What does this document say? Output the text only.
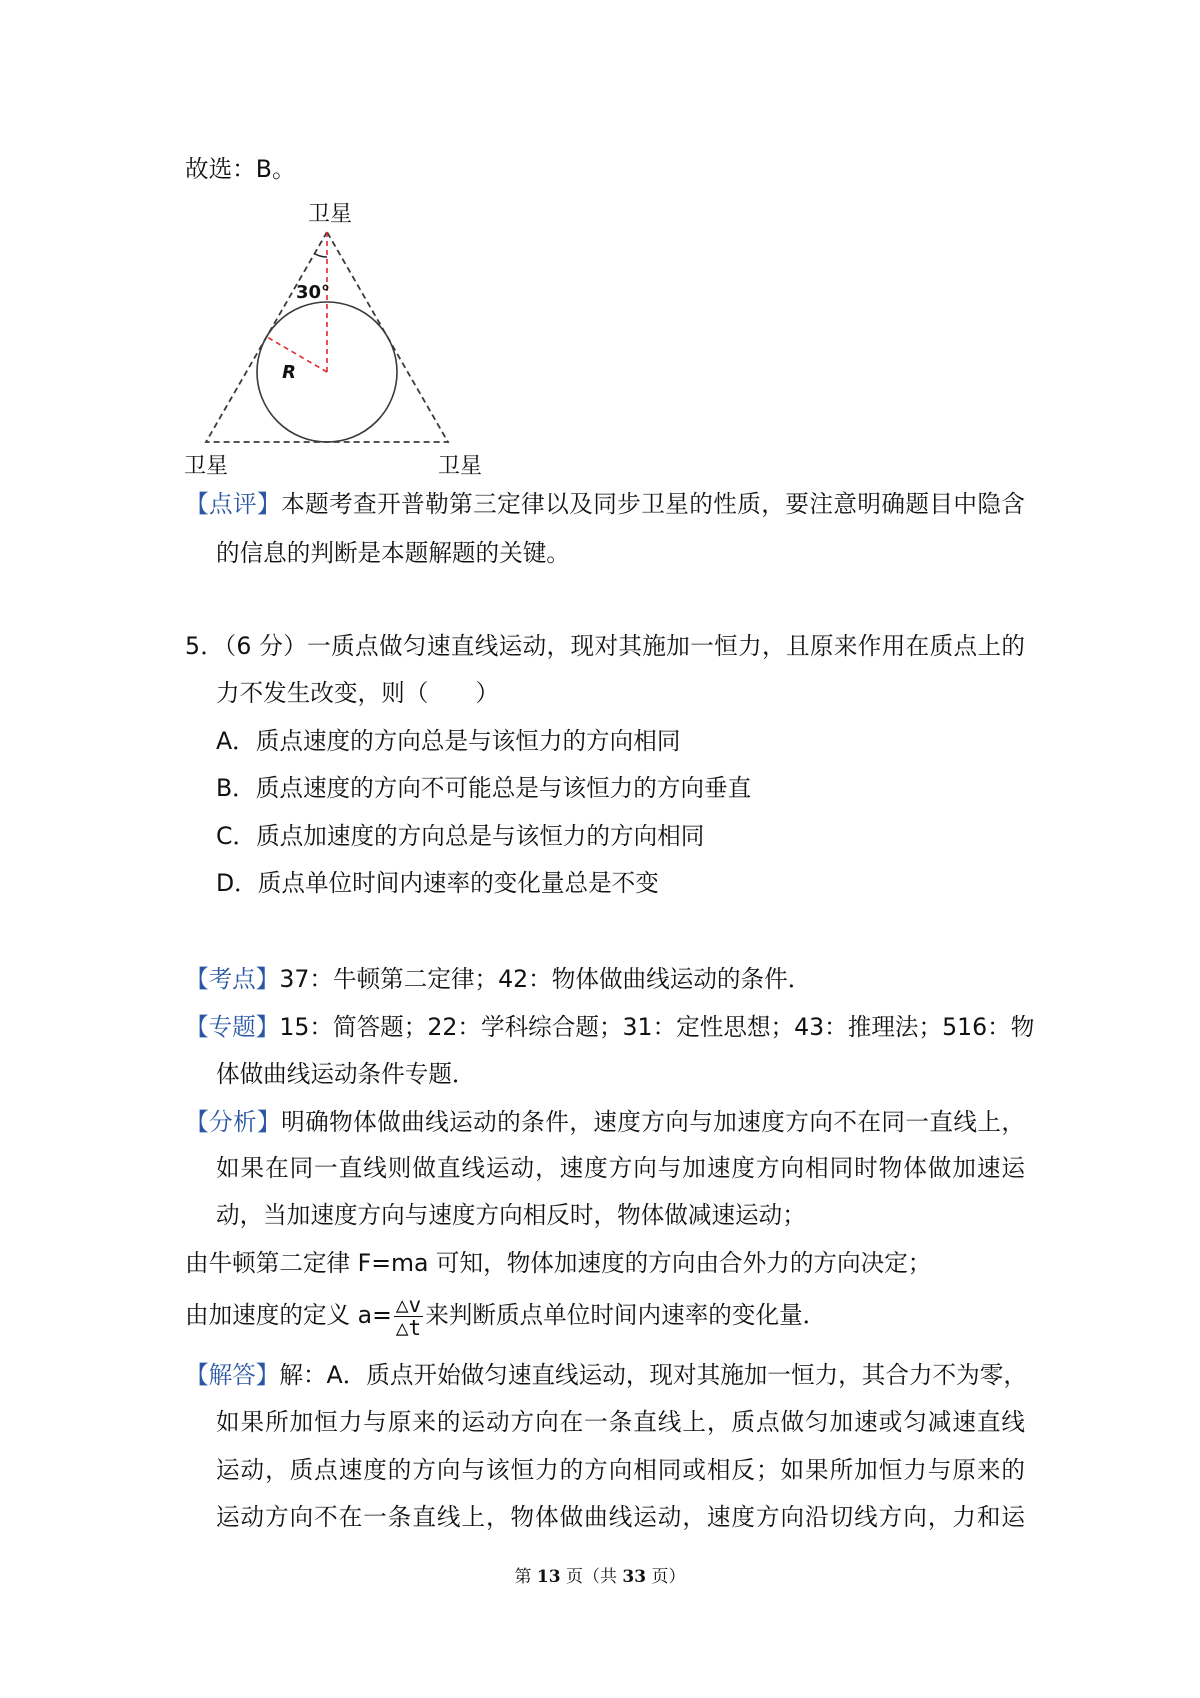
故选：B。
卫星
卫星	卫星
30°
R
【点评】本题考查开普勒第三定律以及同步卫星的性质，要注意明确题目中隐含
的信息的判断是本题解题的关键。
5．（6 分）一质点做匀速直线运动，现对其施加一恒力，且原来作用在质点上的
力不发生改变，则（　　）
A．质点速度的方向总是与该恒力的方向相同
B．质点速度的方向不可能总是与该恒力的方向垂直
C．质点加速度的方向总是与该恒力的方向相同
D．质点单位时间内速率的变化量总是不变
【考点】37：牛顿第二定律；42：物体做曲线运动的条件．
【专题】15：简答题；22：学科综合题；31：定性思想；43：推理法；516：物
体做曲线运动条件专题．
【分析】明确物体做曲线运动的条件，速度方向与加速度方向不在同一直线上，
如果在同一直线则做直线运动，速度方向与加速度方向相同时物体做加速运
动，当加速度方向与速度方向相反时，物体做减速运动；
由牛顿第二定律 F=ma 可知，物体加速度的方向由合外力的方向决定；
由加速度的定义 $a= \frac{\triangle v}{\triangle t}$ 来判断质点单位时间内速率的变化量．
【解答】解：A．质点开始做匀速直线运动，现对其施加一恒力，其合力不为零，
如果所加恒力与原来的运动方向在一条直线上，质点做匀加速或匀减速直线
运动，质点速度的方向与该恒力的方向相同或相反；如果所加恒力与原来的
运动方向不在一条直线上，物体做曲线运动，速度方向沿切线方向，力和运
第 13 页（共 33 页）
